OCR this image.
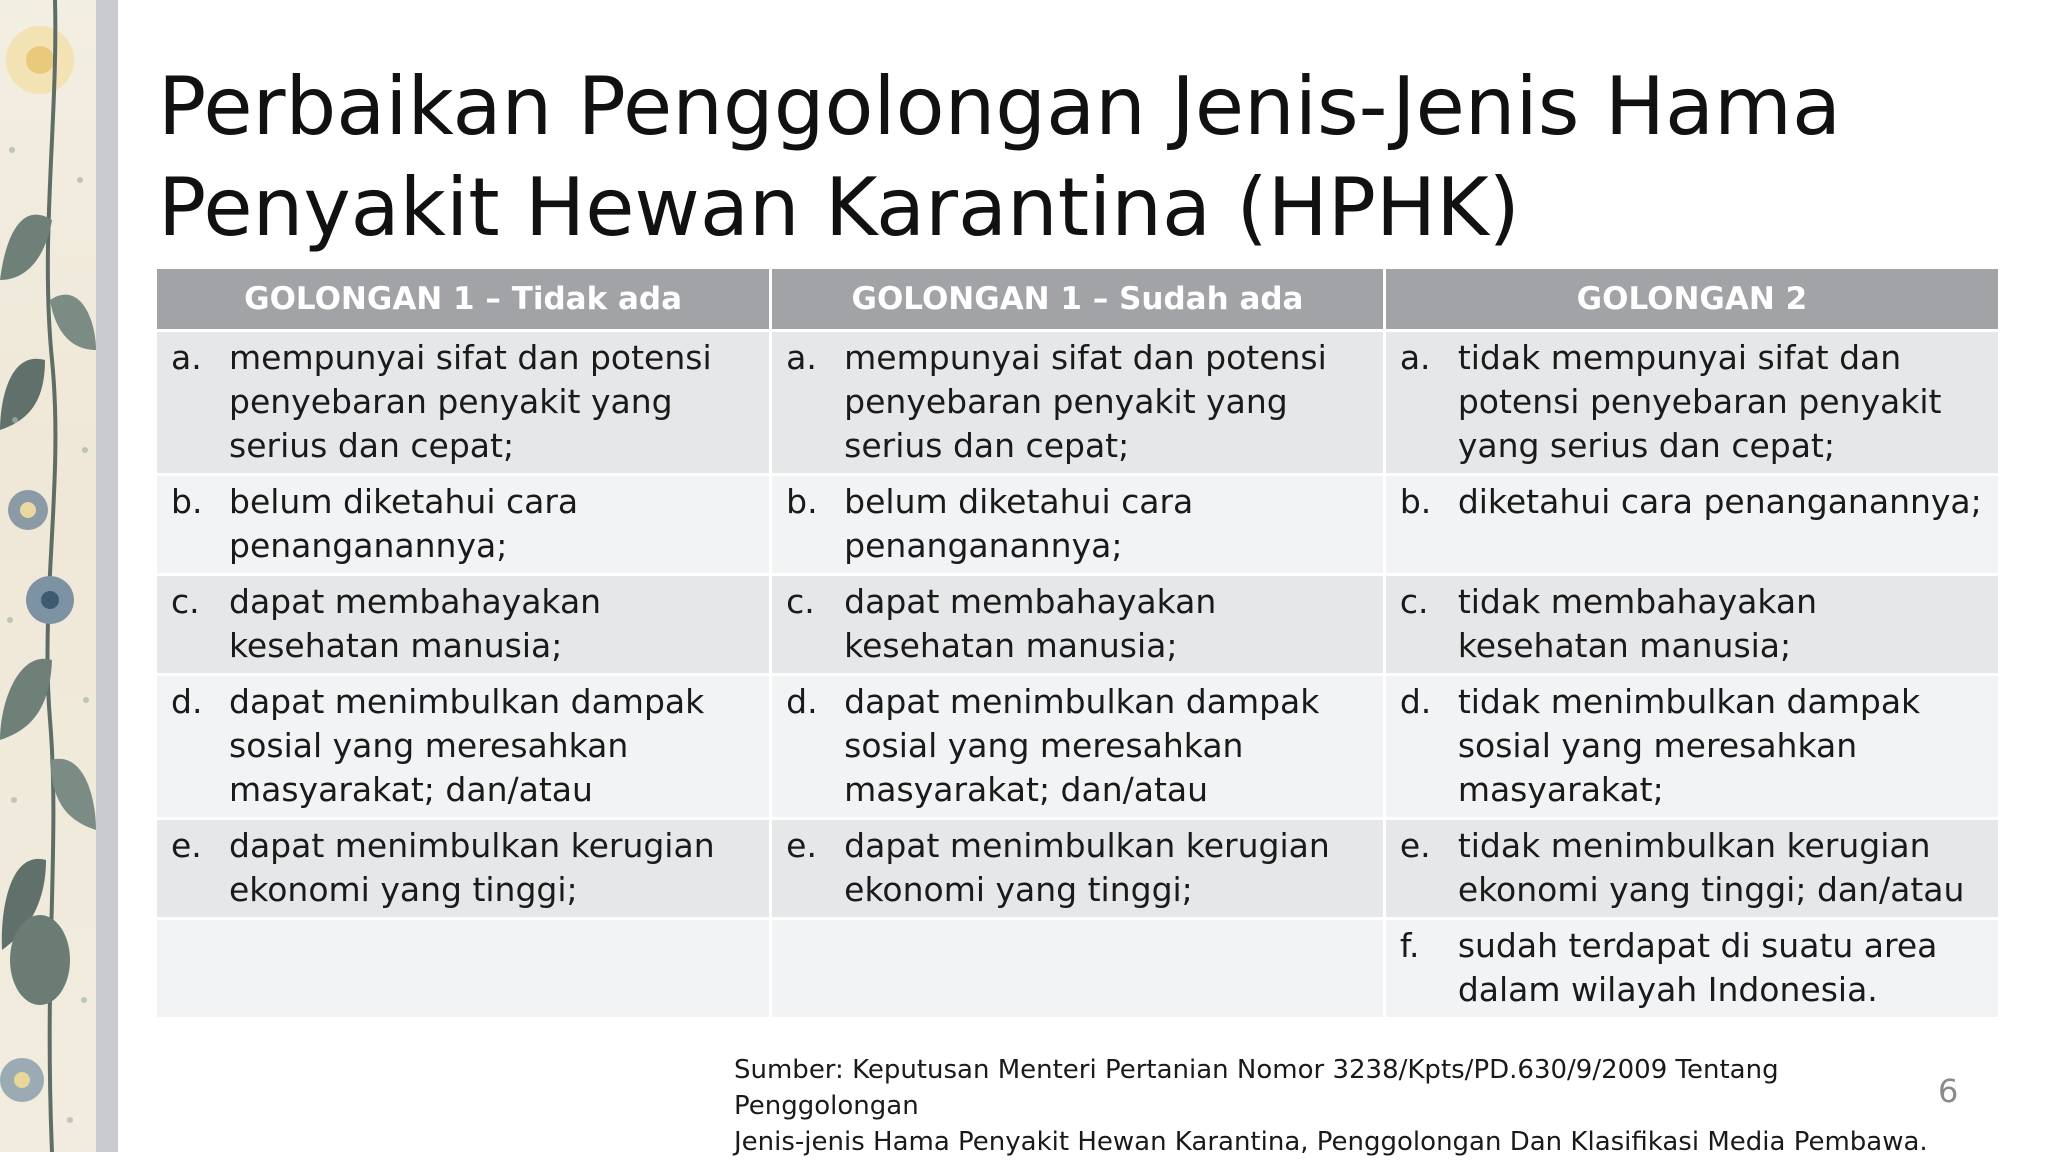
Perbaikan Penggolongan Jenis-Jenis Hama
Penyakit Hewan Karantina (HPHK)
GOLONGAN 1 – Tidak ada	GOLONGAN 1 – Sudah ada	GOLONGAN 2

a. mempunyai sifat dan potensi penyebaran penyakit yang serius dan cepat;	a. mempunyai sifat dan potensi penyebaran penyakit yang serius dan cepat;	a. tidak mempunyai sifat dan potensi penyebaran penyakit yang serius dan cepat;

b. belum diketahui cara penanganannya;	b. belum diketahui cara penanganannya;	b. diketahui cara penanganannya;

c. dapat membahayakan kesehatan manusia;	c. dapat membahayakan kesehatan manusia;	c. tidak membahayakan kesehatan manusia;

d. dapat menimbulkan dampak sosial yang meresahkan masyarakat; dan/atau	d. dapat menimbulkan dampak sosial yang meresahkan masyarakat; dan/atau	d. tidak menimbulkan dampak sosial yang meresahkan masyarakat;

e. dapat menimbulkan kerugian ekonomi yang tinggi;	e. dapat menimbulkan kerugian ekonomi yang tinggi;	e. tidak menimbulkan kerugian ekonomi yang tinggi; dan/atau

		f. sudah terdapat di suatu area dalam wilayah Indonesia.
Sumber: Keputusan Menteri Pertanian Nomor 3238/Kpts/PD.630/9/2009 Tentang Penggolongan
Jenis-jenis Hama Penyakit Hewan Karantina, Penggolongan Dan Klasifikasi Media Pembawa.
6
